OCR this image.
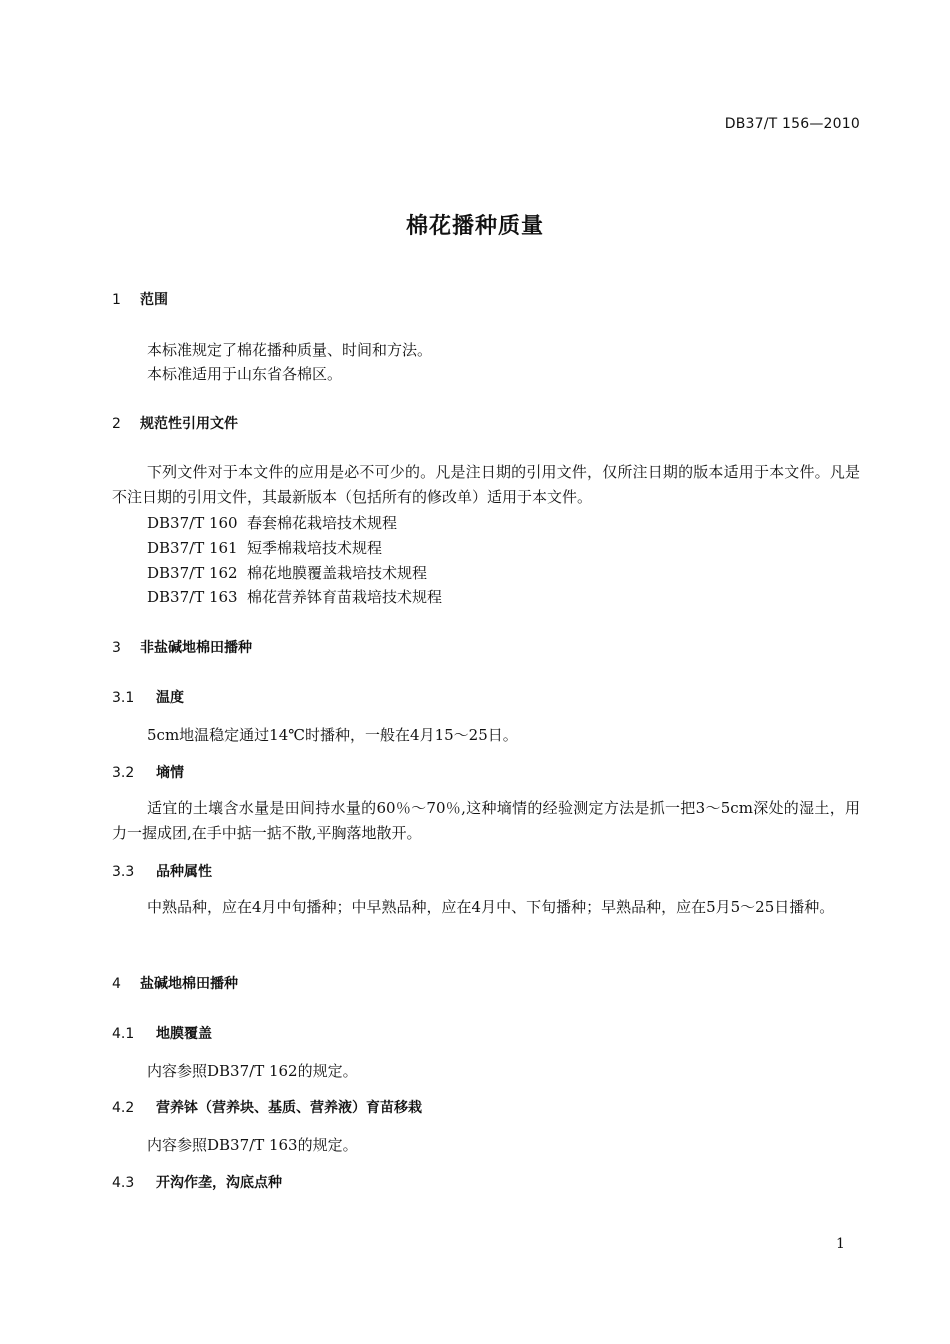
DB37/T 156—2010
棉花播种质量
1 范围
本标准规定了棉花播种质量、时间和方法。
本标准适用于山东省各棉区。
2 规范性引用文件
下列文件对于本文件的应用是必不可少的。凡是注日期的引用文件，仅所注日期的版本适用于本文件。凡是不注日期的引用文件，其最新版本（包括所有的修改单）适用于本文件。
DB37/T 160 春套棉花栽培技术规程
DB37/T 161 短季棉栽培技术规程
DB37/T 162 棉花地膜覆盖栽培技术规程
DB37/T 163 棉花营养钵育苗栽培技术规程
3 非盐碱地棉田播种
3.1 温度
5cm地温稳定通过14℃时播种，一般在4月15～25日。
3.2 墒情
适宜的土壤含水量是田间持水量的60％～70％,这种墒情的经验测定方法是抓一把3～5cm深处的湿土，用力一握成团,在手中掂一掂不散,平胸落地散开。
3.3 品种属性
中熟品种，应在4月中旬播种；中早熟品种，应在4月中、下旬播种；早熟品种，应在5月5～25日播种。
4 盐碱地棉田播种
4.1 地膜覆盖
内容参照DB37/T 162的规定。
4.2 营养钵（营养块、基质、营养液）育苗移栽
内容参照DB37/T 163的规定。
4.3 开沟作垄，沟底点种
1
